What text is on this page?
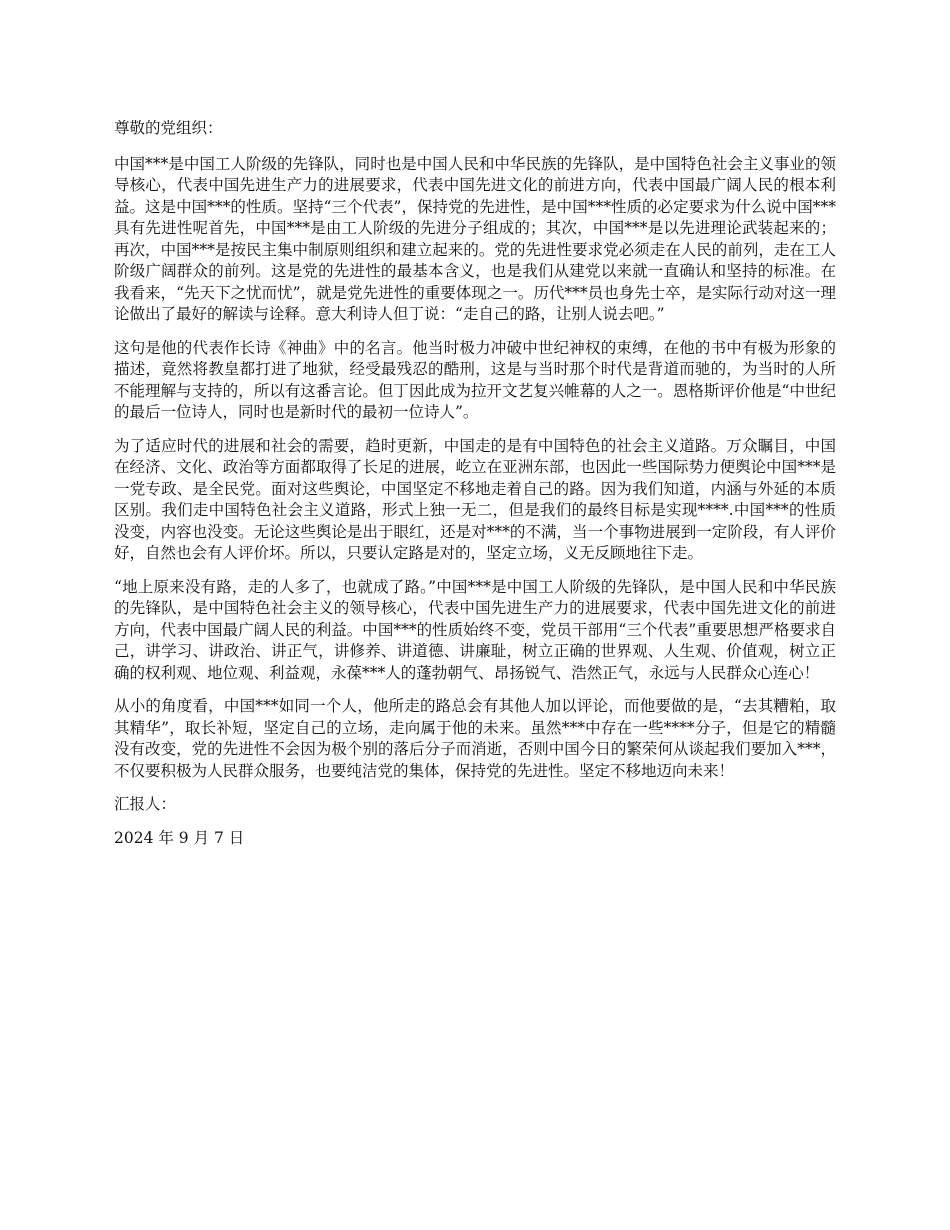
尊敬的党组织：

中国***是中国工人阶级的先锋队，同时也是中国人民和中华民族的先锋队，是中国特色社会主义事业的领导核心，代表中国先进生产力的进展要求，代表中国先进文化的前进方向，代表中国最广阔人民的根本利益。这是中国***的性质。坚持“三个代表”，保持党的先进性，是中国***性质的必定要求为什么说中国***具有先进性呢首先，中国***是由工人阶级的先进分子组成的；其次，中国***是以先进理论武装起来的；再次，中国***是按民主集中制原则组织和建立起来的。党的先进性要求党必须走在人民的前列，走在工人阶级广阔群众的前列。这是党的先进性的最基本含义，也是我们从建党以来就一直确认和坚持的标准。在我看来，“先天下之忧而忧”，就是党先进性的重要体现之一。历代***员也身先士卒，是实际行动对这一理论做出了最好的解读与诠释。意大利诗人但丁说：“走自己的路，让别人说去吧。”

这句是他的代表作长诗《神曲》中的名言。他当时极力冲破中世纪神权的束缚，在他的书中有极为形象的描述，竟然将教皇都打进了地狱，经受最残忍的酷刑，这是与当时那个时代是背道而驰的，为当时的人所不能理解与支持的，所以有这番言论。但丁因此成为拉开文艺复兴帷幕的人之一。恩格斯评价他是“中世纪的最后一位诗人，同时也是新时代的最初一位诗人”。

为了适应时代的进展和社会的需要，趋时更新，中国走的是有中国特色的社会主义道路。万众瞩目，中国在经济、文化、政治等方面都取得了长足的进展，屹立在亚洲东部，也因此一些国际势力便舆论中国***是一党专政、是全民党。面对这些舆论，中国坚定不移地走着自己的路。因为我们知道，内涵与外延的本质区别。我们走中国特色社会主义道路，形式上独一无二，但是我们的最终目标是实现****.中国***的性质没变，内容也没变。无论这些舆论是出于眼红，还是对***的不满，当一个事物进展到一定阶段，有人评价好，自然也会有人评价坏。所以，只要认定路是对的，坚定立场，义无反顾地往下走。

“地上原来没有路，走的人多了，也就成了路。”中国***是中国工人阶级的先锋队，是中国人民和中华民族的先锋队，是中国特色社会主义的领导核心，代表中国先进生产力的进展要求，代表中国先进文化的前进方向，代表中国最广阔人民的利益。中国***的性质始终不变，党员干部用“三个代表”重要思想严格要求自己，讲学习、讲政治、讲正气，讲修养、讲道德、讲廉耻，树立正确的世界观、人生观、价值观，树立正确的权利观、地位观、利益观，永葆***人的蓬勃朝气、昂扬锐气、浩然正气，永远与人民群众心连心！

从小的角度看，中国***如同一个人，他所走的路总会有其他人加以评论，而他要做的是，“去其糟粕，取其精华”，取长补短，坚定自己的立场，走向属于他的未来。虽然***中存在一些****分子，但是它的精髓没有改变，党的先进性不会因为极个别的落后分子而消逝，否则中国今日的繁荣何从谈起我们要加入***，不仅要积极为人民群众服务，也要纯洁党的集体，保持党的先进性。坚定不移地迈向未来！

汇报人：

2024 年 9 月 7 日
